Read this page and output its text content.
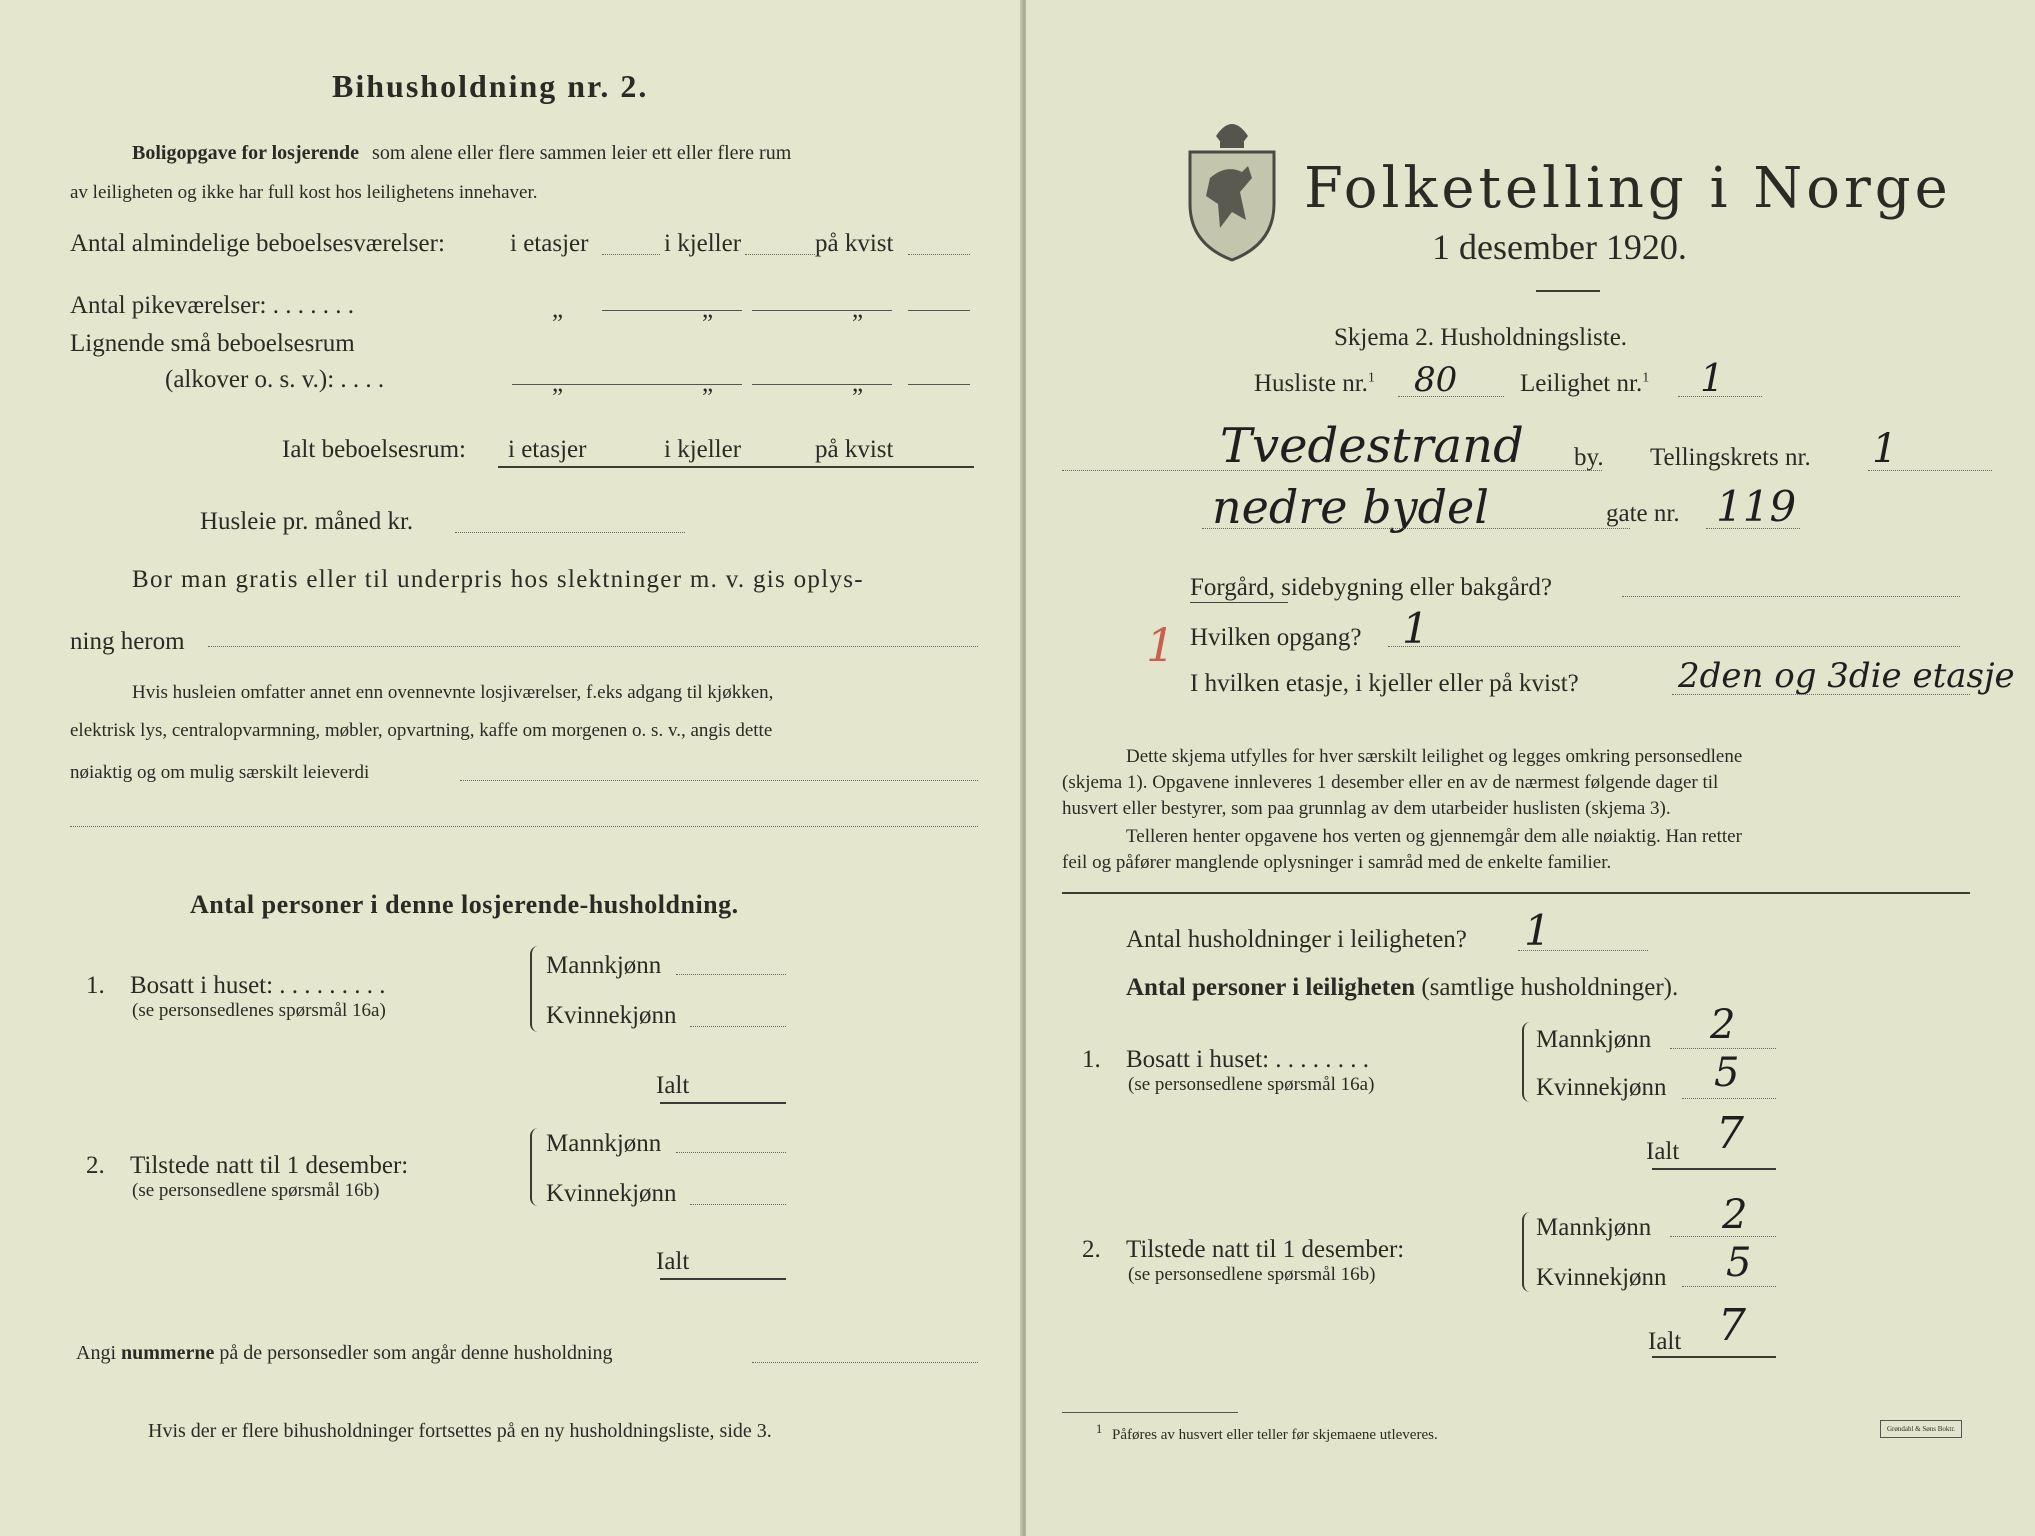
Bihusholdning nr. 2.
Boligopgave for losjerende som alene eller flere sammen leier ett eller flere rum
av leiligheten og ikke har full kost hos leilighetens innehaver.
Antal almindelige beboelsesværelser:	i etasjer	i kjeller	på kvist
Antal pikeværelser: . . . . . . .	„	„	„
Lignende små beboelsesrum
(alkover o. s. v.): . . . .	„	„	„
Ialt beboelsesrum: i etasjer	i kjeller	på kvist
Husleie pr. måned kr.
Bor man gratis eller til underpris hos slektninger m. v. gis oplys-
ning herom
Hvis husleien omfatter annet enn ovennevnte losjiværelser, f.eks adgang til kjøkken,
elektrisk lys, centralopvarmning, møbler, opvartning, kaffe om morgenen o. s. v., angis dette
nøiaktig og om mulig særskilt leieverdi
Antal personer i denne losjerende-husholdning.
1. Bosatt i huset: . . . . . . . . .
(se personsedlenes spørsmål 16a)
Mannkjønn
Kvinnekjønn
Ialt
2. Tilstede natt til 1 desember:
(se personsedlene spørsmål 16b)
Mannkjønn
Kvinnekjønn
Ialt
Angi nummerne på de personsedler som angår denne husholdning
Hvis der er flere bihusholdninger fortsettes på en ny husholdningsliste, side 3.
Folketelling i Norge
1 desember 1920.
Skjema 2. Husholdningsliste.
Husliste nr.$^1$ 80	Leilighet nr.$^1$ 1
Tvedestrand by. Tellingskrets nr. 1
nedre bydel	gate nr. 119
Forgård, sidebygning eller bakgård?
1 Hvilken opgang? 1
I hvilken etasje, i kjeller eller på kvist?	2den og 3die etasje
Dette skjema utfylles for hver særskilt leilighet og legges omkring personsedlene
(skjema 1). Opgavene innleveres 1 desember eller en av de nærmest følgende dager til
husvert eller bestyrer, som paa grunnlag av dem utarbeider huslisten (skjema 3).
Telleren henter opgavene hos verten og gjennemgår dem alle nøiaktig. Han retter
feil og påfører manglende oplysninger i samråd med de enkelte familier.
Antal husholdninger i leiligheten? 1
Antal personer i leiligheten (samtlige husholdninger).
1. Bosatt i huset: . . . . . . . .
(se personsedlene spørsmål 16a)
Mannkjønn 2
Kvinnekjønn 5
Ialt 7
2. Tilstede natt til 1 desember:
(se personsedlene spørsmål 16b)
Mannkjønn 2
Kvinnekjønn 5
Ialt 7
$^1$ Påføres av husvert eller teller før skjemaene utleveres.	Grøndahl & Søns Boktr.
